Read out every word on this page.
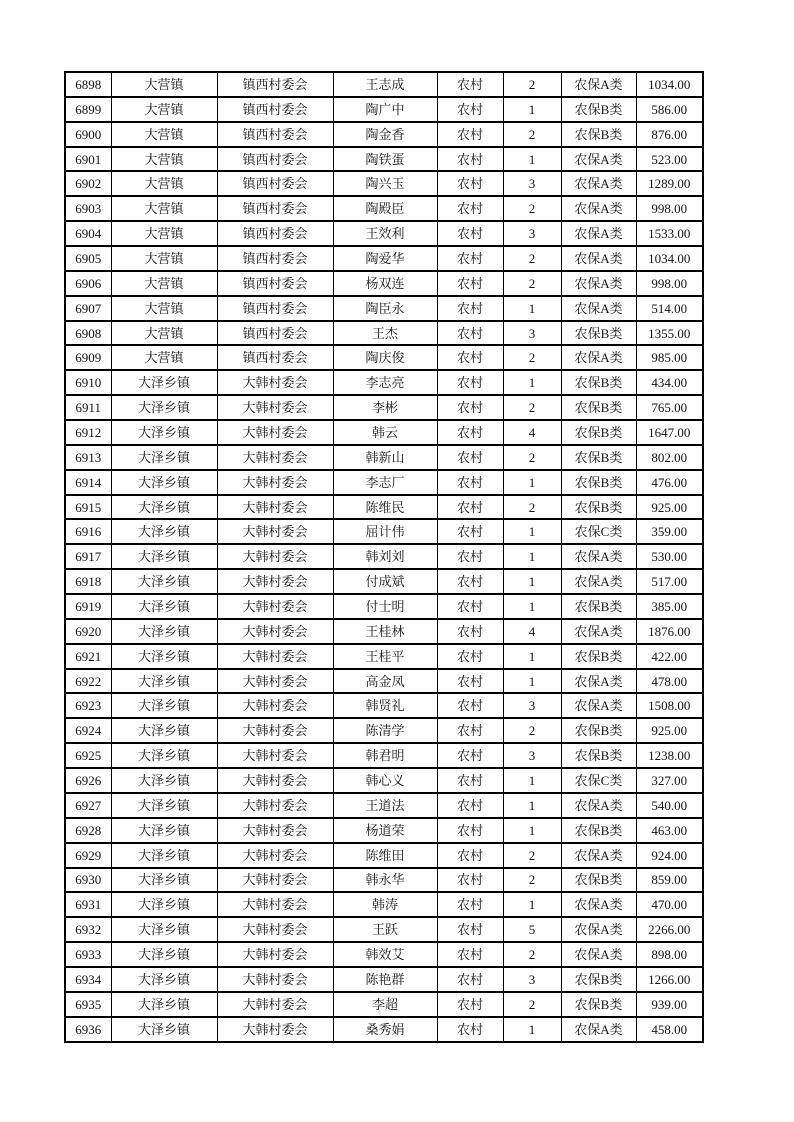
6898	大营镇	镇西村委会	王志成	农村	2	农保A类	1034.00
6899	大营镇	镇西村委会	陶广中	农村	1	农保B类	586.00
6900	大营镇	镇西村委会	陶金香	农村	2	农保B类	876.00
6901	大营镇	镇西村委会	陶铁蛋	农村	1	农保A类	523.00
6902	大营镇	镇西村委会	陶兴玉	农村	3	农保A类	1289.00
6903	大营镇	镇西村委会	陶殿臣	农村	2	农保A类	998.00
6904	大营镇	镇西村委会	王效利	农村	3	农保A类	1533.00
6905	大营镇	镇西村委会	陶爱华	农村	2	农保A类	1034.00
6906	大营镇	镇西村委会	杨双连	农村	2	农保A类	998.00
6907	大营镇	镇西村委会	陶臣永	农村	1	农保A类	514.00
6908	大营镇	镇西村委会	王杰	农村	3	农保B类	1355.00
6909	大营镇	镇西村委会	陶庆俊	农村	2	农保A类	985.00
6910	大泽乡镇	大韩村委会	李志亮	农村	1	农保B类	434.00
6911	大泽乡镇	大韩村委会	李彬	农村	2	农保B类	765.00
6912	大泽乡镇	大韩村委会	韩云	农村	4	农保B类	1647.00
6913	大泽乡镇	大韩村委会	韩新山	农村	2	农保B类	802.00
6914	大泽乡镇	大韩村委会	李志厂	农村	1	农保B类	476.00
6915	大泽乡镇	大韩村委会	陈维民	农村	2	农保B类	925.00
6916	大泽乡镇	大韩村委会	屈计伟	农村	1	农保C类	359.00
6917	大泽乡镇	大韩村委会	韩刘刘	农村	1	农保A类	530.00
6918	大泽乡镇	大韩村委会	付成斌	农村	1	农保A类	517.00
6919	大泽乡镇	大韩村委会	付士明	农村	1	农保B类	385.00
6920	大泽乡镇	大韩村委会	王桂林	农村	4	农保A类	1876.00
6921	大泽乡镇	大韩村委会	王桂平	农村	1	农保B类	422.00
6922	大泽乡镇	大韩村委会	高金凤	农村	1	农保A类	478.00
6923	大泽乡镇	大韩村委会	韩贤礼	农村	3	农保A类	1508.00
6924	大泽乡镇	大韩村委会	陈清学	农村	2	农保B类	925.00
6925	大泽乡镇	大韩村委会	韩君明	农村	3	农保B类	1238.00
6926	大泽乡镇	大韩村委会	韩心义	农村	1	农保C类	327.00
6927	大泽乡镇	大韩村委会	王道法	农村	1	农保A类	540.00
6928	大泽乡镇	大韩村委会	杨道荣	农村	1	农保B类	463.00
6929	大泽乡镇	大韩村委会	陈维田	农村	2	农保A类	924.00
6930	大泽乡镇	大韩村委会	韩永华	农村	2	农保B类	859.00
6931	大泽乡镇	大韩村委会	韩涛	农村	1	农保A类	470.00
6932	大泽乡镇	大韩村委会	王跃	农村	5	农保A类	2266.00
6933	大泽乡镇	大韩村委会	韩效艾	农村	2	农保A类	898.00
6934	大泽乡镇	大韩村委会	陈艳群	农村	3	农保B类	1266.00
6935	大泽乡镇	大韩村委会	李超	农村	2	农保B类	939.00
6936	大泽乡镇	大韩村委会	桑秀娟	农村	1	农保A类	458.00
